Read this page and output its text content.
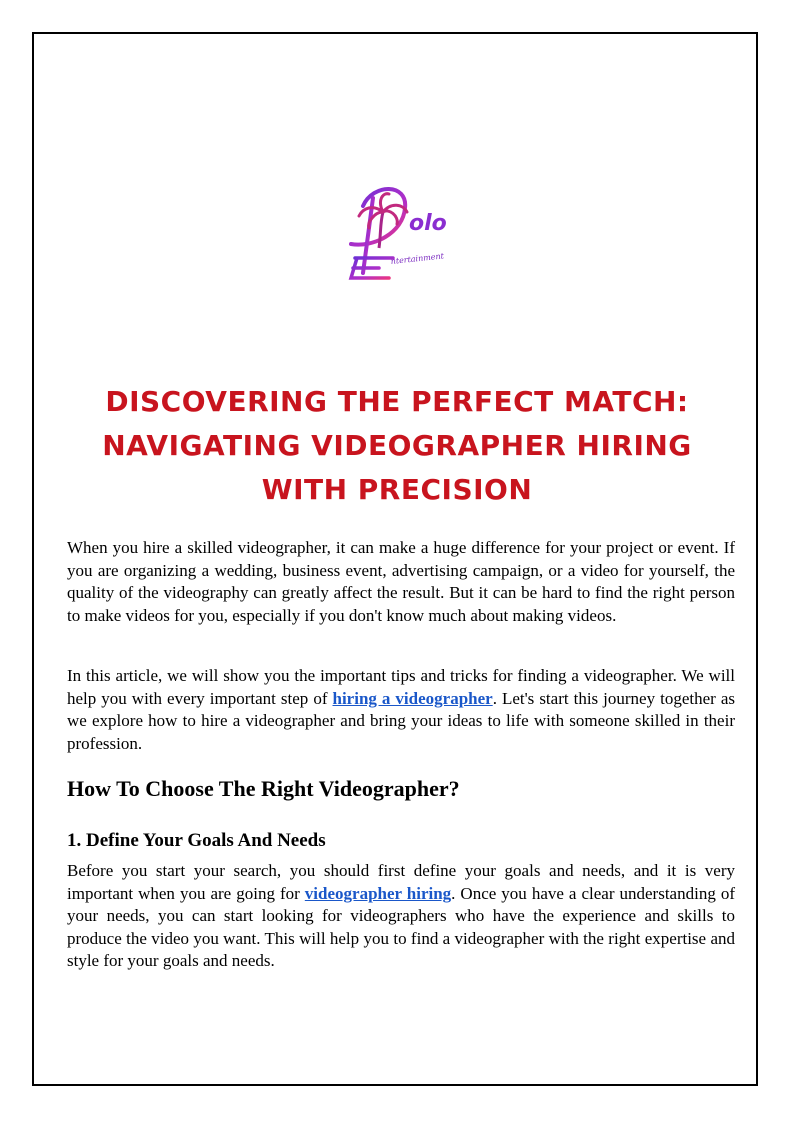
olo
ntertainment
DISCOVERING THE PERFECT MATCH: NAVIGATING VIDEOGRAPHER HIRING WITH PRECISION

When you hire a skilled videographer, it can make a huge difference for your project or event. If you are organizing a wedding, business event, advertising campaign, or a video for yourself, the quality of the videography can greatly affect the result. But it can be hard to find the right person to make videos for you, especially if you don't know much about making videos.

In this article, we will show you the important tips and tricks for finding a videographer. We will help you with every important step of hiring a videographer. Let's start this journey together as we explore how to hire a videographer and bring your ideas to life with someone skilled in their profession.

How To Choose The Right Videographer?
1. Define Your Goals And Needs

Before you start your search, you should first define your goals and needs, and it is very important when you are going for videographer hiring. Once you have a clear understanding of your needs, you can start looking for videographers who have the experience and skills to produce the video you want. This will help you to find a videographer with the right expertise and style for your goals and needs.
